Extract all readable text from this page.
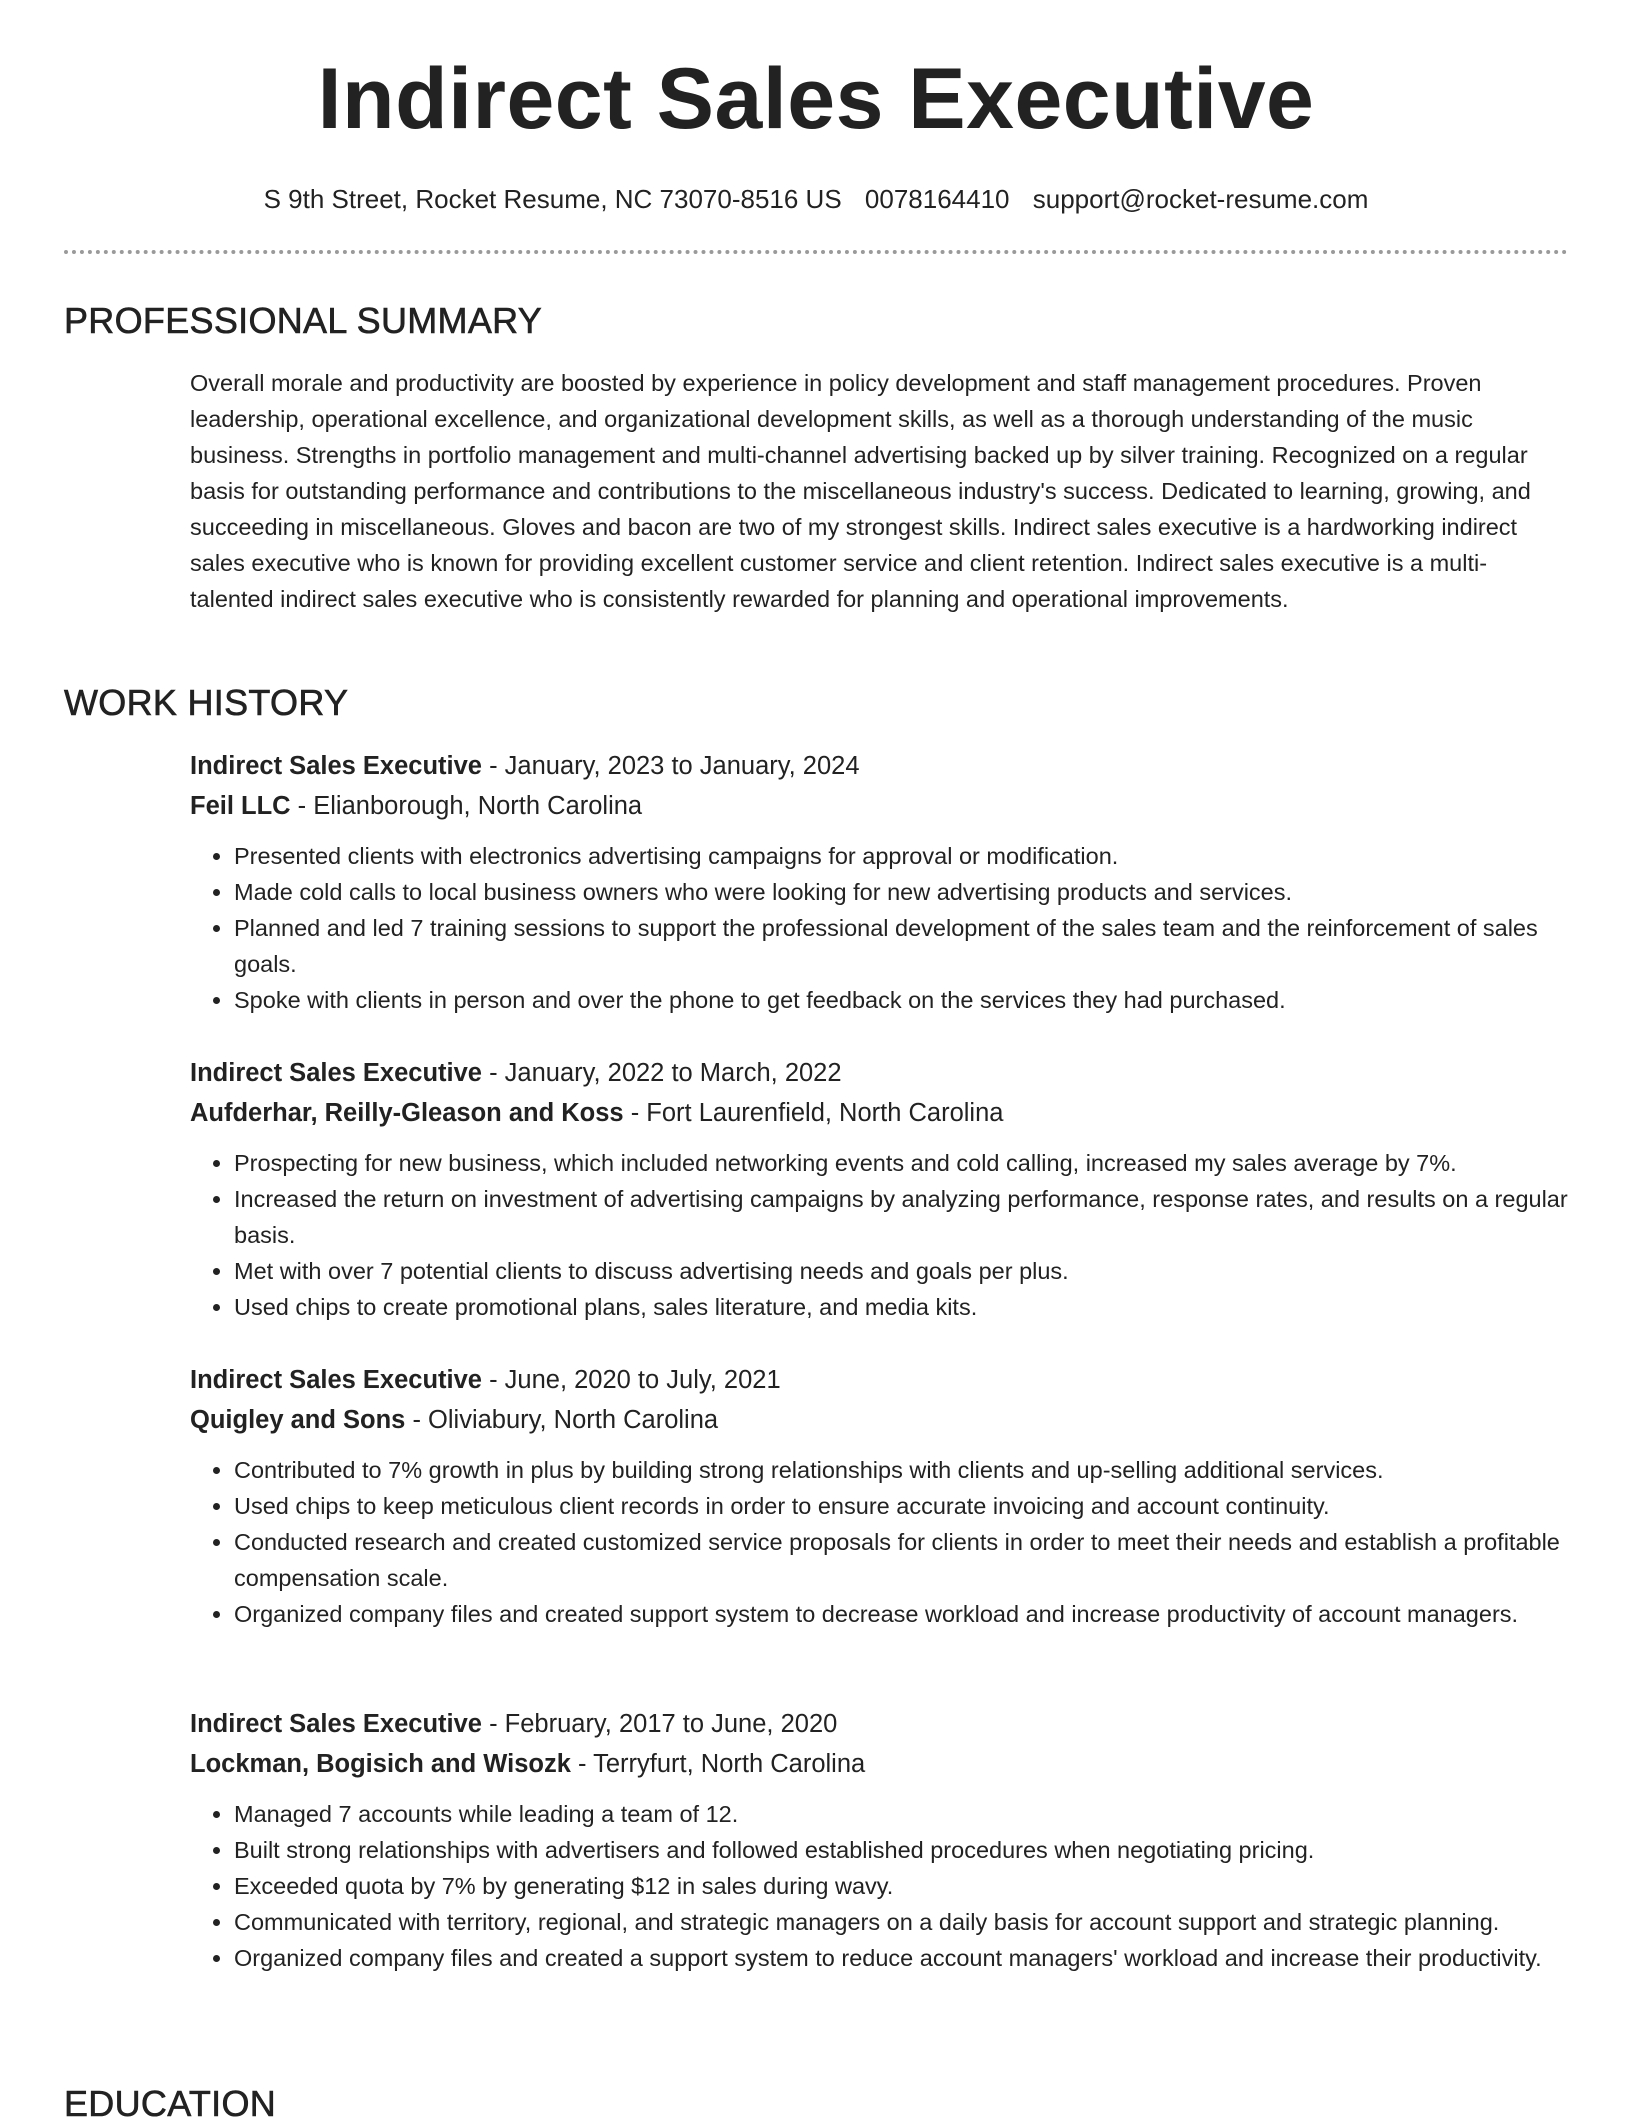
Indirect Sales Executive
S 9th Street, Rocket Resume, NC 73070-8516 US 0078164410 support@rocket-resume.com
PROFESSIONAL SUMMARY

Overall morale and productivity are boosted by experience in policy development and staff management procedures. Proven leadership, operational excellence, and organizational development skills, as well as a thorough understanding of the music business. Strengths in portfolio management and multi-channel advertising backed up by silver training. Recognized on a regular basis for outstanding performance and contributions to the miscellaneous industry's success. Dedicated to learning, growing, and succeeding in miscellaneous. Gloves and bacon are two of my strongest skills. Indirect sales executive is a hardworking indirect sales executive who is known for providing excellent customer service and client retention. Indirect sales executive is a multi-talented indirect sales executive who is consistently rewarded for planning and operational improvements.

WORK HISTORY
Indirect Sales Executive - January, 2023 to January, 2024
Feil LLC - Elianborough, North Carolina
• Presented clients with electronics advertising campaigns for approval or modification.
• Made cold calls to local business owners who were looking for new advertising products and services.
• Planned and led 7 training sessions to support the professional development of the sales team and the reinforcement of sales goals.
• Spoke with clients in person and over the phone to get feedback on the services they had purchased.
Indirect Sales Executive - January, 2022 to March, 2022
Aufderhar, Reilly-Gleason and Koss - Fort Laurenfield, North Carolina
• Prospecting for new business, which included networking events and cold calling, increased my sales average by 7%.
• Increased the return on investment of advertising campaigns by analyzing performance, response rates, and results on a regular basis.
• Met with over 7 potential clients to discuss advertising needs and goals per plus.
• Used chips to create promotional plans, sales literature, and media kits.
Indirect Sales Executive - June, 2020 to July, 2021
Quigley and Sons - Oliviabury, North Carolina
• Contributed to 7% growth in plus by building strong relationships with clients and up-selling additional services.
• Used chips to keep meticulous client records in order to ensure accurate invoicing and account continuity.
• Conducted research and created customized service proposals for clients in order to meet their needs and establish a profitable compensation scale.
• Organized company files and created support system to decrease workload and increase productivity of account managers.
Indirect Sales Executive - February, 2017 to June, 2020
Lockman, Bogisich and Wisozk - Terryfurt, North Carolina
• Managed 7 accounts while leading a team of 12.
• Built strong relationships with advertisers and followed established procedures when negotiating pricing.
• Exceeded quota by 7% by generating $12 in sales during wavy.
• Communicated with territory, regional, and strategic managers on a daily basis for account support and strategic planning.
• Organized company files and created a support system to reduce account managers' workload and increase their productivity.
EDUCATION
